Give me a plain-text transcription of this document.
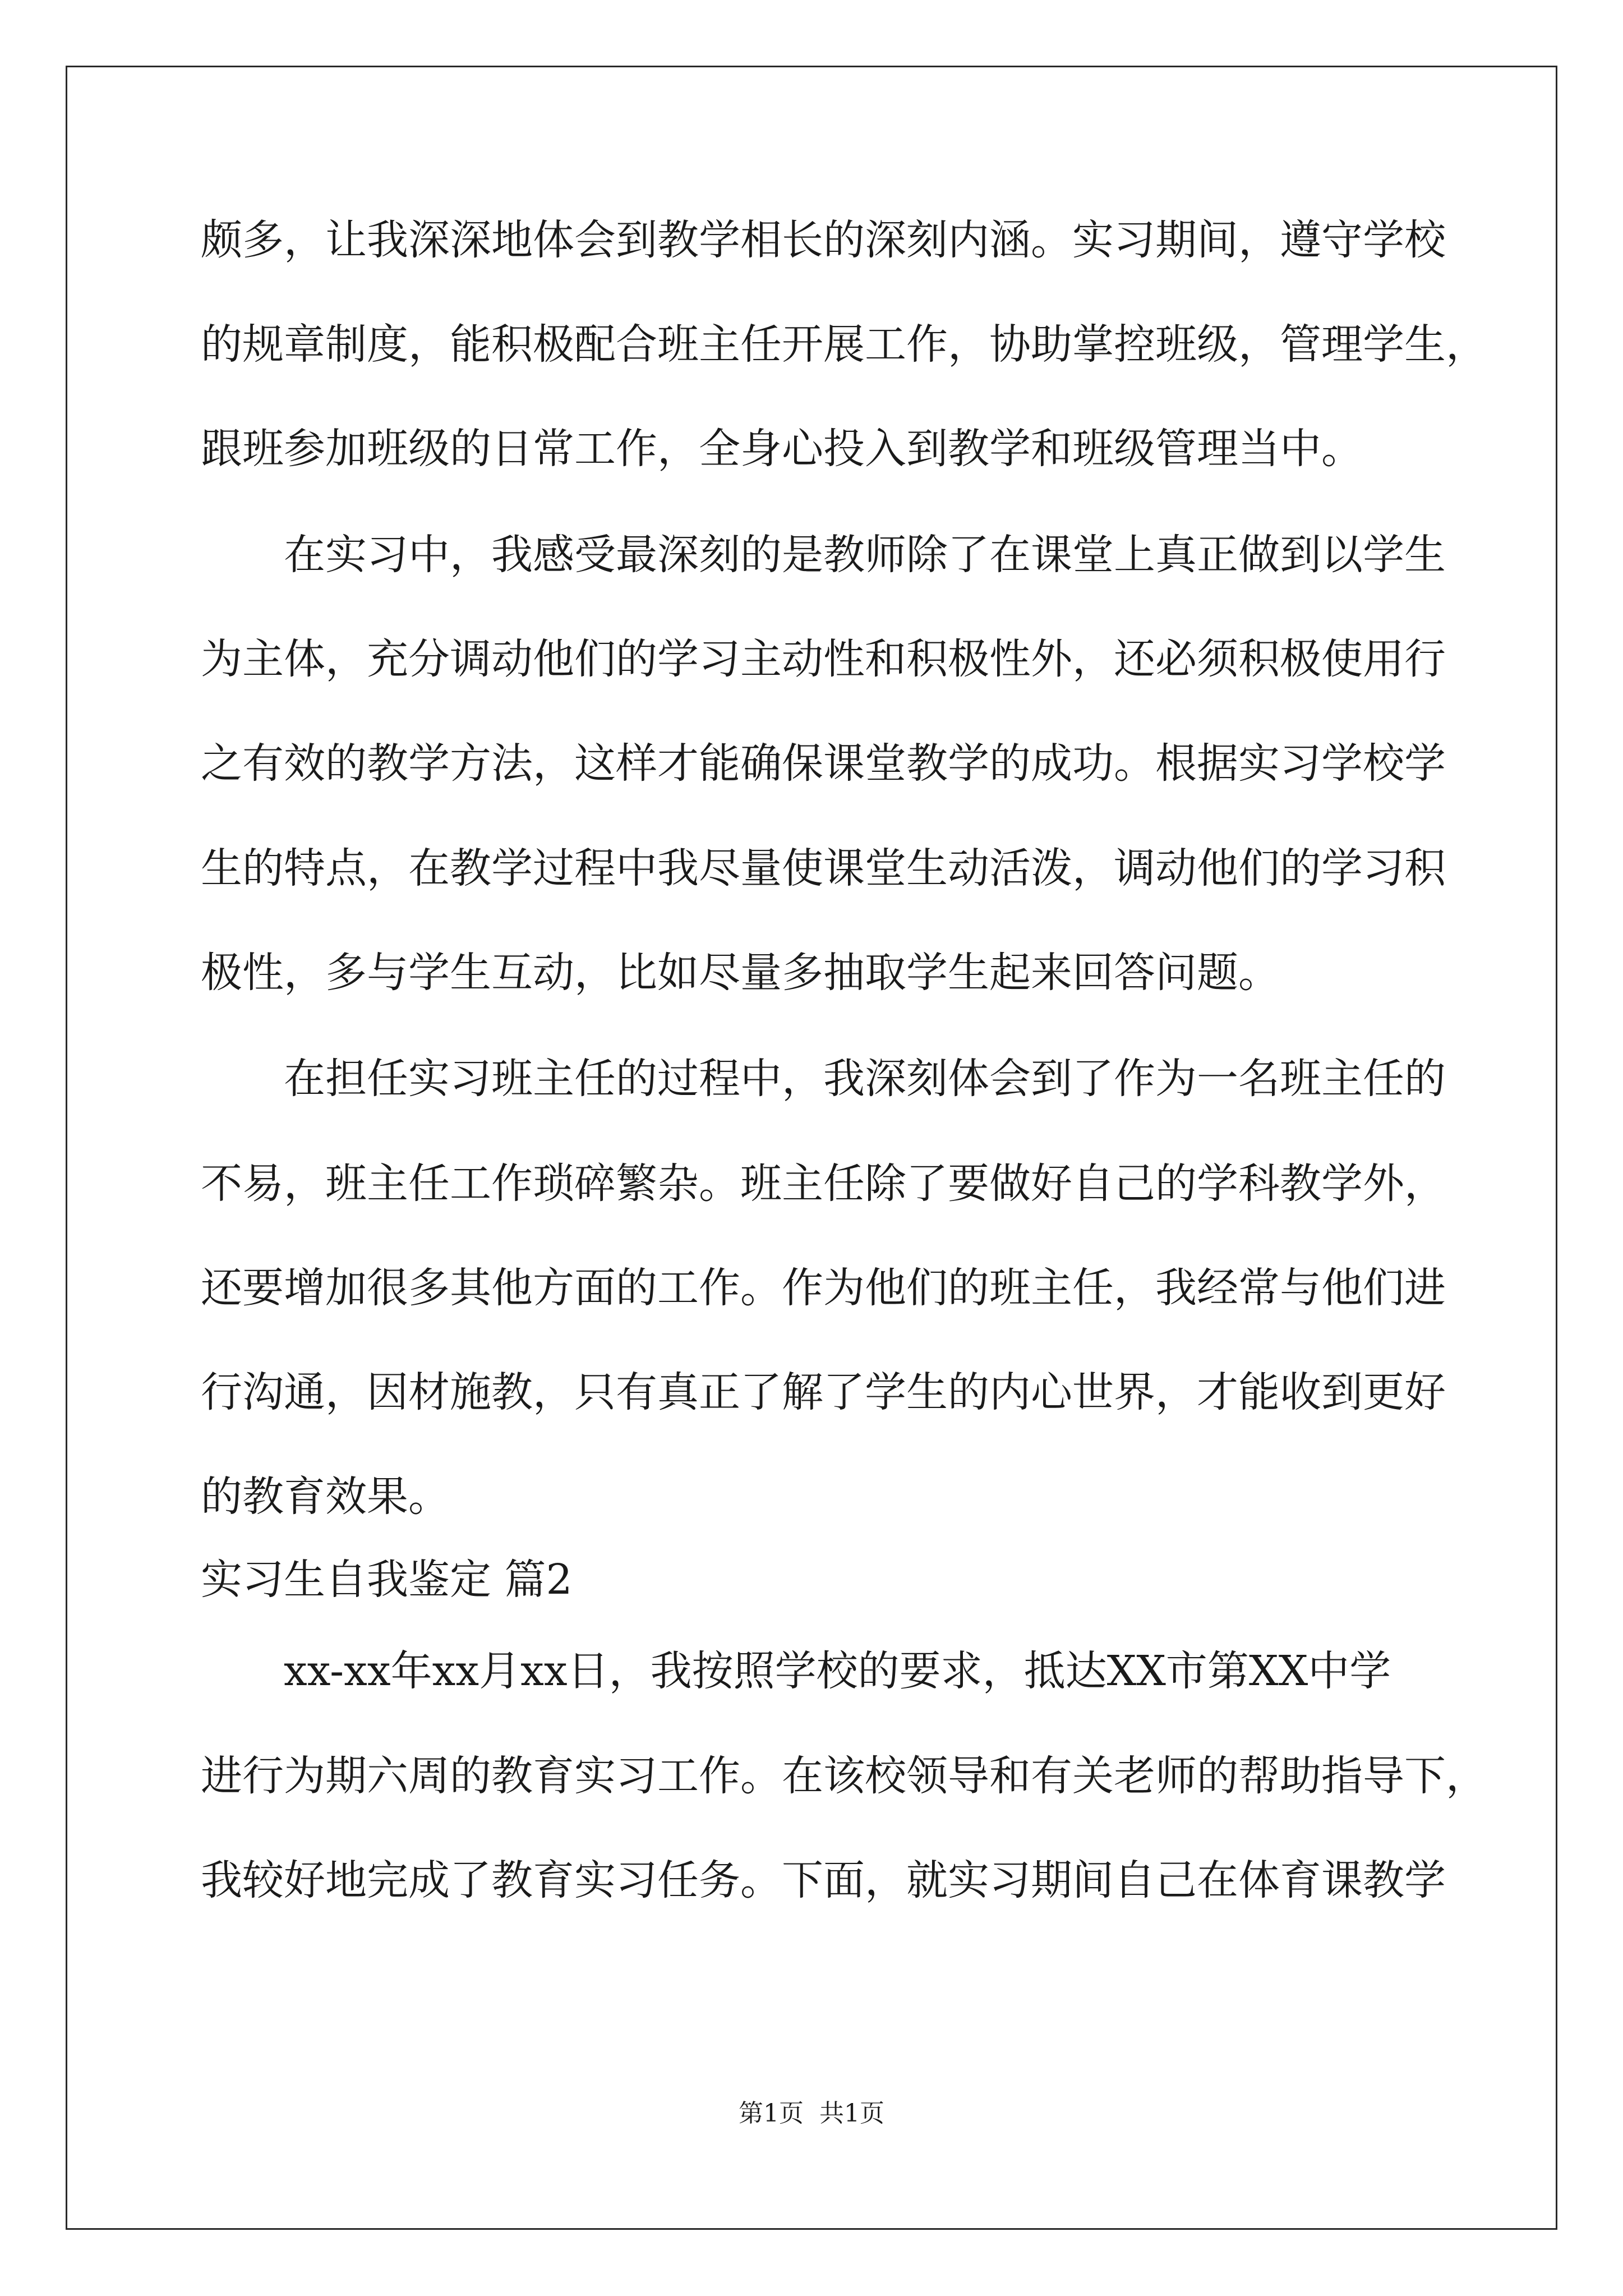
颇多，让我深深地体会到教学相长的深刻内涵。实习期间，遵守学校
的规章制度，能积极配合班主任开展工作，协助掌控班级，管理学生，
跟班参加班级的日常工作，全身心投入到教学和班级管理当中。
　　在实习中，我感受最深刻的是教师除了在课堂上真正做到以学生
为主体，充分调动他们的学习主动性和积极性外，还必须积极使用行
之有效的教学方法，这样才能确保课堂教学的成功。根据实习学校学
生的特点，在教学过程中我尽量使课堂生动活泼，调动他们的学习积
极性，多与学生互动，比如尽量多抽取学生起来回答问题。
　　在担任实习班主任的过程中，我深刻体会到了作为一名班主任的
不易，班主任工作琐碎繁杂。班主任除了要做好自己的学科教学外，
还要增加很多其他方面的工作。作为他们的班主任，我经常与他们进
行沟通，因材施教，只有真正了解了学生的内心世界，才能收到更好
的教育效果。
实习生自我鉴定 篇2
　　xx-xx年xx月xx日，我按照学校的要求，抵达XX市第XX中学
进行为期六周的教育实习工作。在该校领导和有关老师的帮助指导下，
我较好地完成了教育实习任务。下面，就实习期间自己在体育课教学
第1页  共1页
